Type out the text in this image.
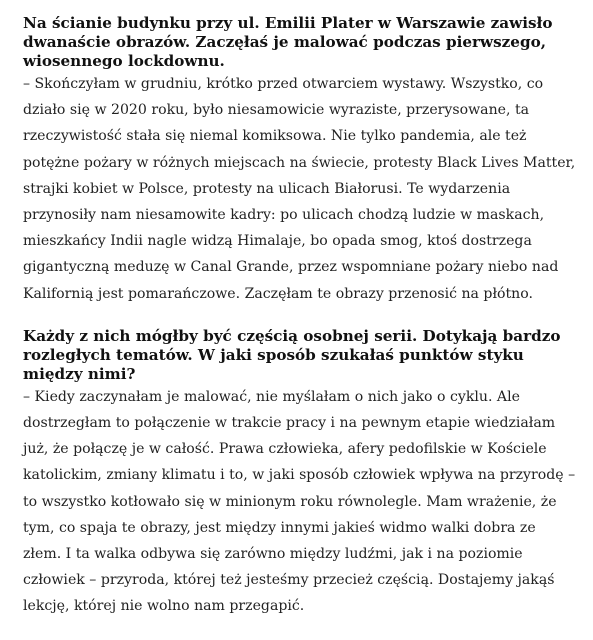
Na ścianie budynku przy ul. Emilii Plater w Warszawie zawisło dwanaście obrazów. Zaczęłaś je malować podczas pierwszego, wiosennego lockdownu.

– Skończyłam w grudniu, krótko przed otwarciem wystawy. Wszystko, co działo się w 2020 roku, było niesamowicie wyraziste, przerysowane, ta rzeczywistość stała się niemal komiksowa. Nie tylko pandemia, ale też potężne pożary w różnych miejscach na świecie, protesty Black Lives Matter, strajki kobiet w Polsce, protesty na ulicach Białorusi. Te wydarzenia przynosiły nam niesamowite kadry: po ulicach chodzą ludzie w maskach, mieszkańcy Indii nagle widzą Himalaje, bo opada smog, ktoś dostrzega gigantyczną meduzę w Canal Grande, przez wspomniane pożary niebo nad Kalifornią jest pomarańczowe. Zaczęłam te obrazy przenosić na płótno.

Każdy z nich mógłby być częścią osobnej serii. Dotykają bardzo rozległych tematów. W jaki sposób szukałaś punktów styku między nimi?

– Kiedy zaczynałam je malować, nie myślałam o nich jako o cyklu. Ale dostrzegłam to połączenie w trakcie pracy i na pewnym etapie wiedziałam już, że połączę je w całość. Prawa człowieka, afery pedofilskie w Kościele katolickim, zmiany klimatu i to, w jaki sposób człowiek wpływa na przyrodę – to wszystko kotłowało się w minionym roku równolegle. Mam wrażenie, że tym, co spaja te obrazy, jest między innymi jakieś widmo walki dobra ze złem. I ta walka odbywa się zarówno między ludźmi, jak i na poziomie człowiek – przyroda, której też jesteśmy przecież częścią. Dostajemy jakąś lekcję, której nie wolno nam przegapić.
